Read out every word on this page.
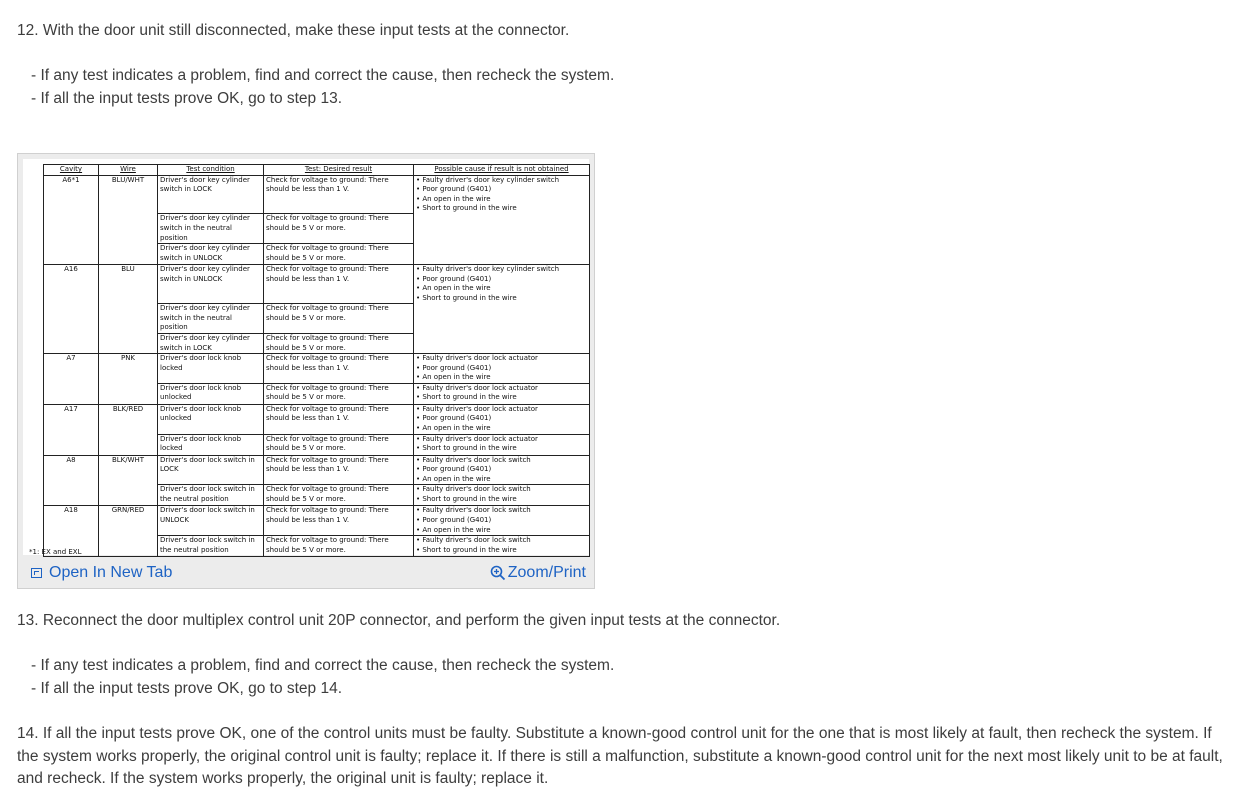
12. With the door unit still disconnected, make these input tests at the connector.

- If any test indicates a problem, find and correct the cause, then recheck the system.

- If all the input tests prove OK, go to step 13.

Cavity	Wire	Test condition	Test: Desired result	Possible cause if result is not obtained
A6*1	BLU/WHT	Driver's door key cylinder switch in LOCK	Check for voltage to ground: There should be less than 1 V.	• Faulty driver's door key cylinder switch
• Poor ground (G401)
• An open in the wire
• Short to ground in the wire

		Driver's door key cylinder switch in the neutral position	Check for voltage to ground: There should be 5 V or more.	
		Driver's door key cylinder switch in UNLOCK	Check for voltage to ground: There should be 5 V or more.	
A16	BLU	Driver's door key cylinder switch in UNLOCK	Check for voltage to ground: There should be less than 1 V.	• Faulty driver's door key cylinder switch
• Poor ground (G401)
• An open in the wire
• Short to ground in the wire

		Driver's door key cylinder switch in the neutral position	Check for voltage to ground: There should be 5 V or more.	
		Driver's door key cylinder switch in LOCK	Check for voltage to ground: There should be 5 V or more.	
A7	PNK	Driver's door lock knob locked	Check for voltage to ground: There should be less than 1 V.	• Faulty driver's door lock actuator
• Poor ground (G401)
• An open in the wire

		Driver's door lock knob unlocked	Check for voltage to ground: There should be 5 V or more.	• Faulty driver's door lock actuator
• Short to ground in the wire

A17	BLK/RED	Driver's door lock knob unlocked	Check for voltage to ground: There should be less than 1 V.	• Faulty driver's door lock actuator
• Poor ground (G401)
• An open in the wire

		Driver's door lock knob locked	Check for voltage to ground: There should be 5 V or more.	• Faulty driver's door lock actuator
• Short to ground in the wire

A8	BLK/WHT	Driver's door lock switch in LOCK	Check for voltage to ground: There should be less than 1 V.	• Faulty driver's door lock switch
• Poor ground (G401)
• An open in the wire

		Driver's door lock switch in the neutral position	Check for voltage to ground: There should be 5 V or more.	• Faulty driver's door lock switch
• Short to ground in the wire

A18	GRN/RED	Driver's door lock switch in UNLOCK	Check for voltage to ground: There should be less than 1 V.	• Faulty driver's door lock switch
• Poor ground (G401)
• An open in the wire

		Driver's door lock switch in the neutral position	Check for voltage to ground: There should be 5 V or more.	• Faulty driver's door lock switch
• Short to ground in the wire
*1: EX and EXL
Open In New Tab	Zoom/Print

13. Reconnect the door multiplex control unit 20P connector, and perform the given input tests at the connector.

- If any test indicates a problem, find and correct the cause, then recheck the system.

- If all the input tests prove OK, go to step 14.

14. If all the input tests prove OK, one of the control units must be faulty. Substitute a known-good control unit for the one that is most likely at fault, then recheck the system. If the system works properly, the original control unit is faulty; replace it. If there is still a malfunction, substitute a known-good control unit for the next most likely unit to be at fault, and recheck. If the system works properly, the original unit is faulty; replace it.
